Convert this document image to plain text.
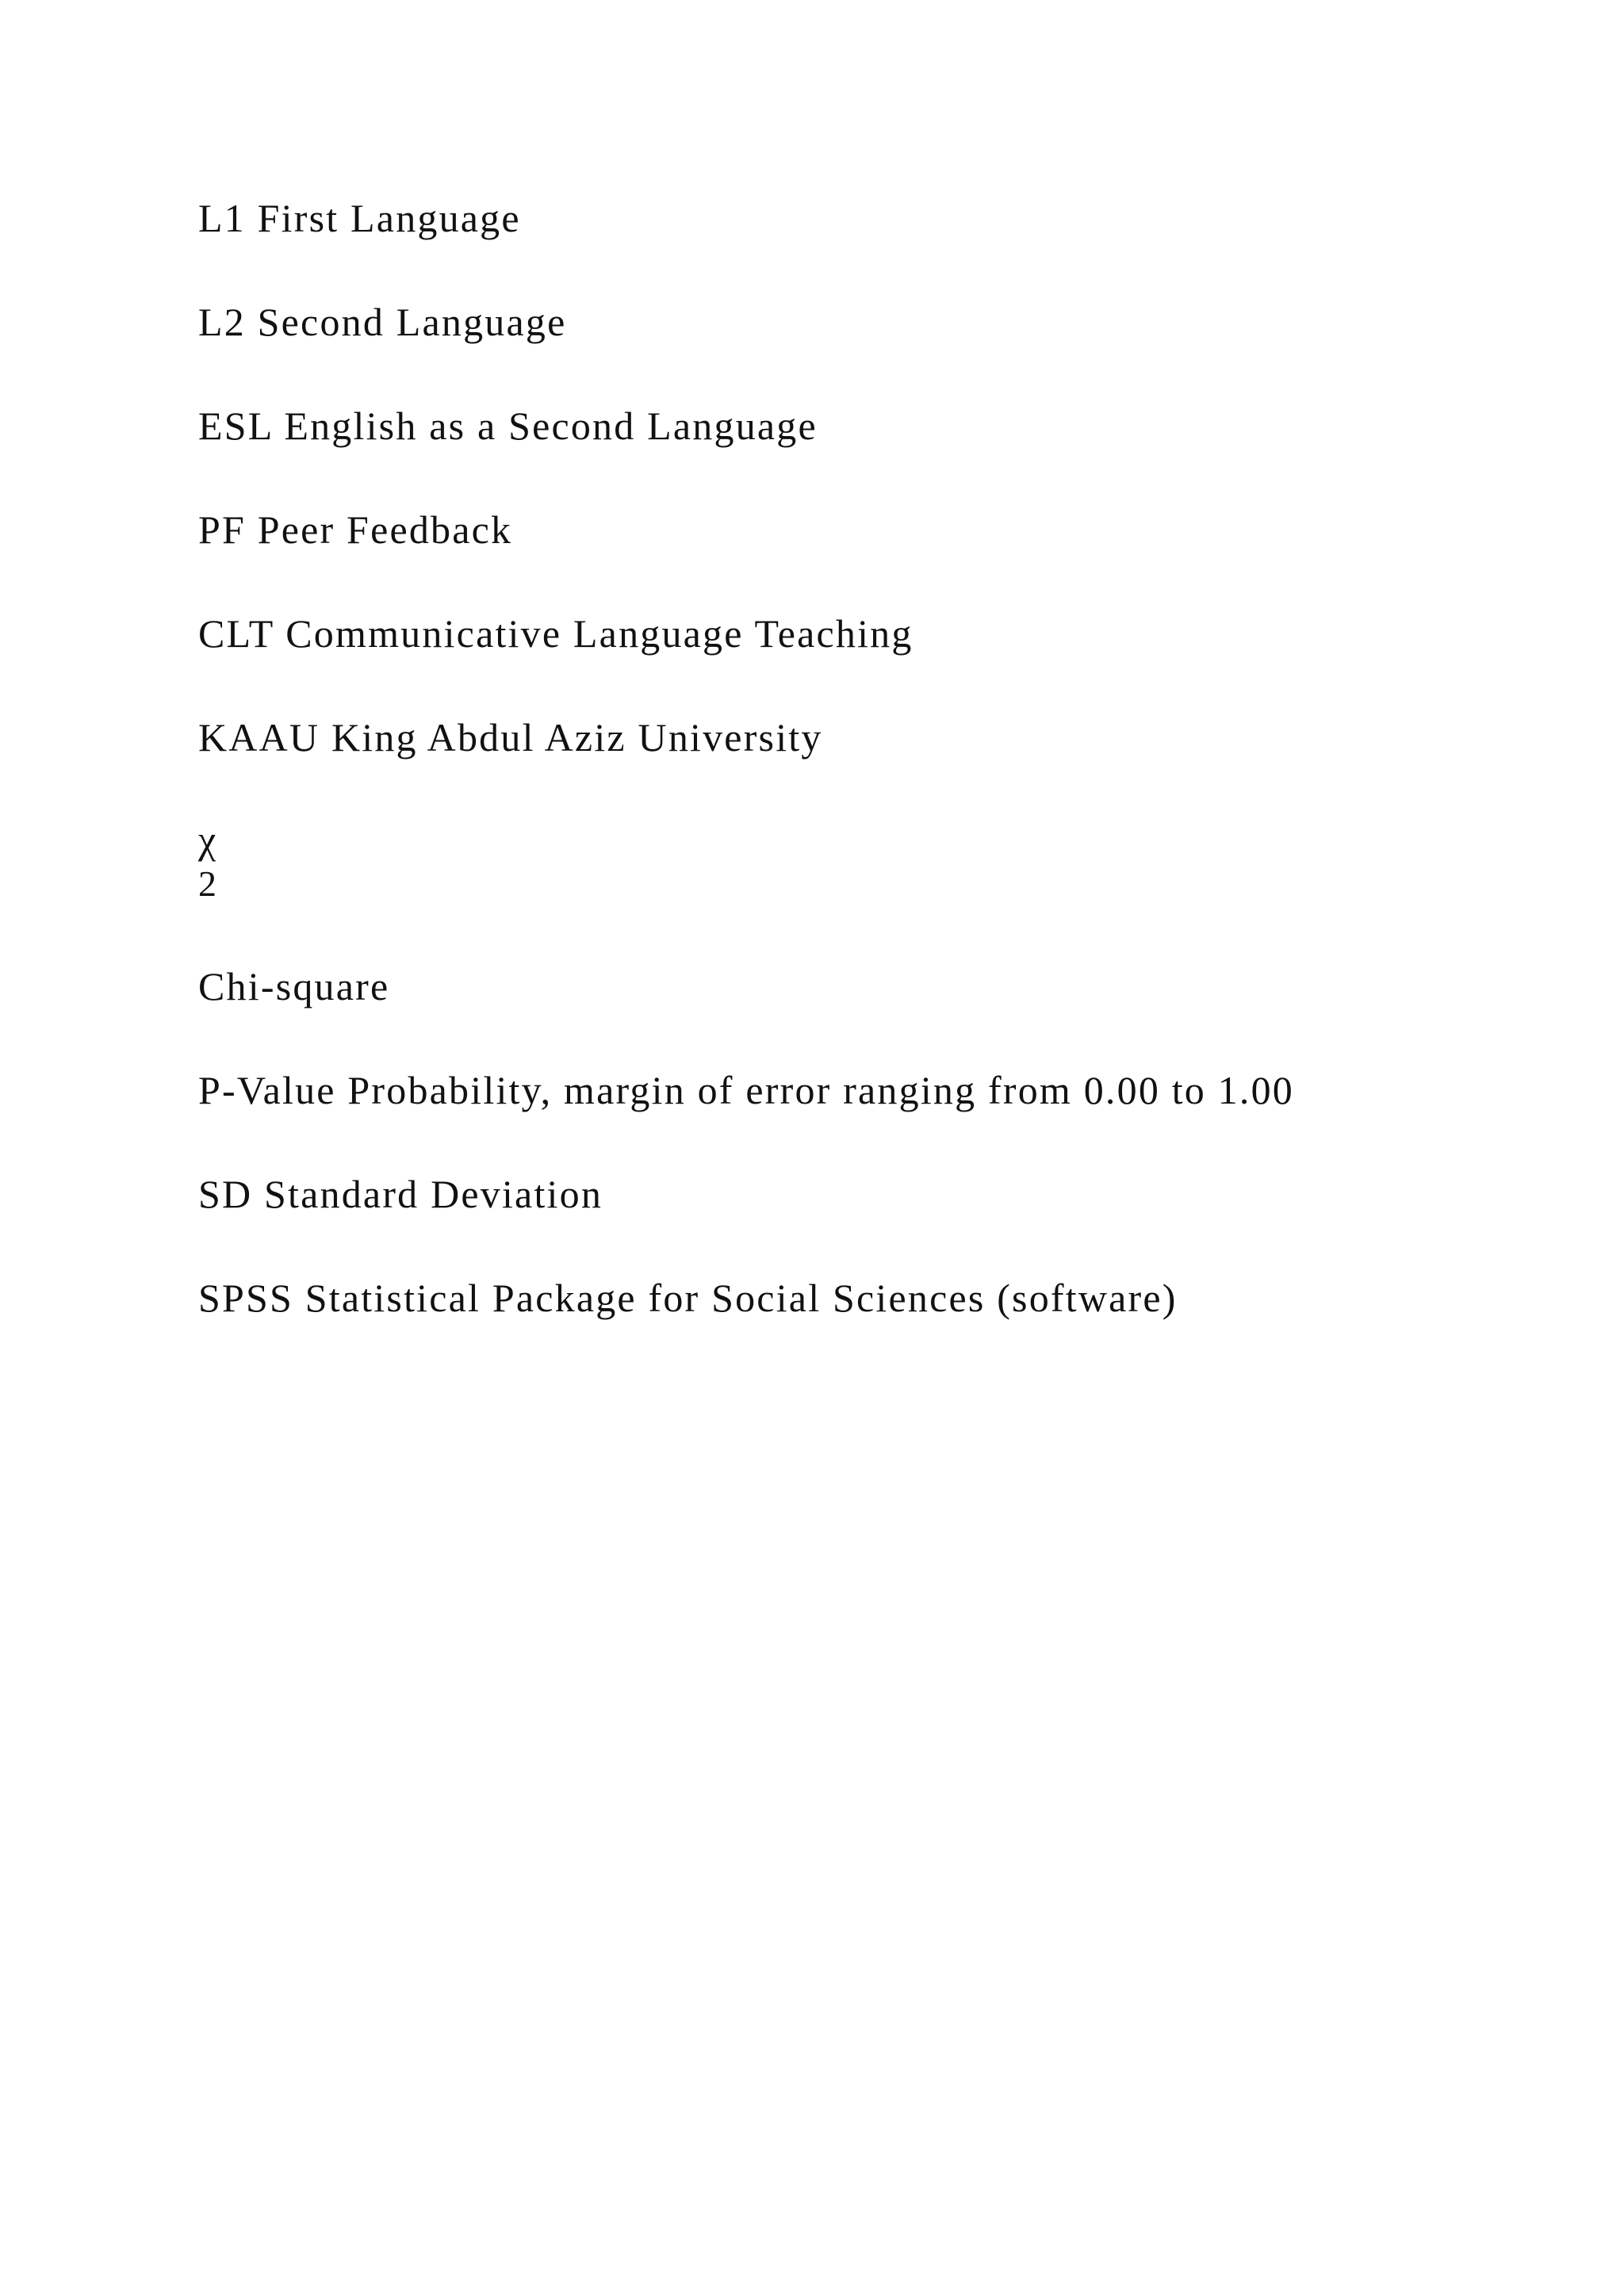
L1 First Language
L2 Second Language
ESL English as a Second Language
PF Peer Feedback
CLT Communicative Language Teaching
KAAU King Abdul Aziz University
χ
2
Chi-square
P-Value Probability, margin of error ranging from 0.00 to 1.00
SD Standard Deviation
SPSS Statistical Package for Social Sciences (software)
